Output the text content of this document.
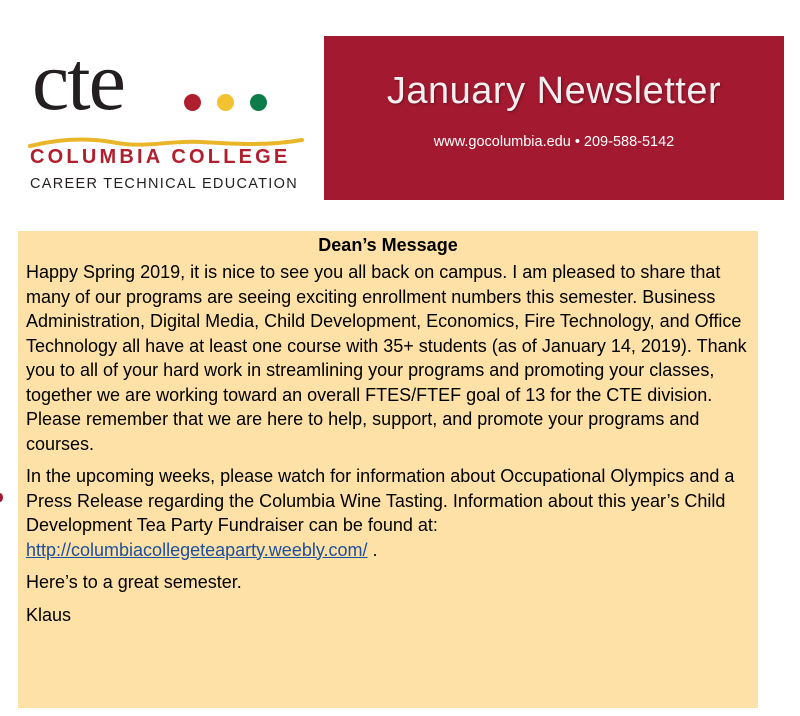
cte
COLUMBIA COLLEGE
CAREER TECHNICAL EDUCATION
January Newsletter
www.gocolumbia.edu • 209-588-5142
Dean’s Message

Happy Spring 2019, it is nice to see you all back on campus. I am pleased to share that many of our programs are seeing exciting enrollment numbers this semester. Business Administration, Digital Media, Child Development, Economics, Fire Technology, and Office Technology all have at least one course with 35+ students (as of January 14, 2019). Thank you to all of your hard work in streamlining your programs and promoting your classes, together we are working toward an overall FTES/FTEF goal of 13 for the CTE division. Please remember that we are here to help, support, and promote your programs and courses.

In the upcoming weeks, please watch for information about Occupational Olympics and a Press Release regarding the Columbia Wine Tasting. Information about this year’s Child Development Tea Party Fundraiser can be found at: http://columbiacollegeteaparty.weebly.com/ .

Here’s to a great semester.

Klaus
